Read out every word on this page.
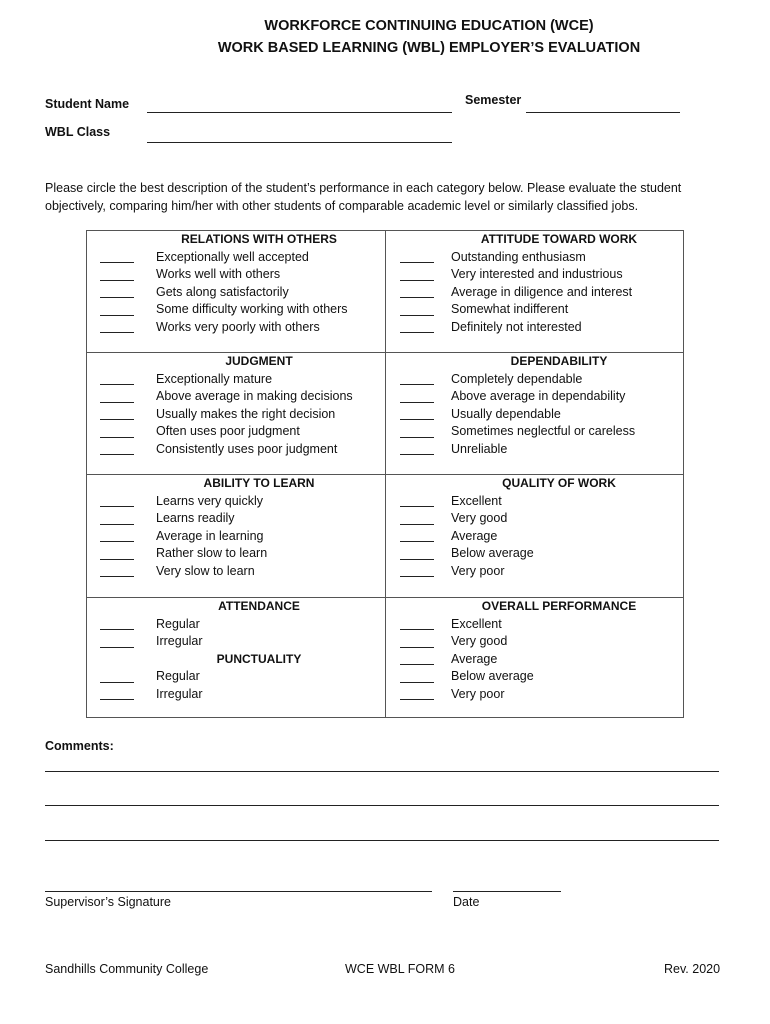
WORKFORCE CONTINUING EDUCATION (WCE)
WORK BASED LEARNING (WBL) EMPLOYER’S EVALUATION
Student Name	Semester
WBL Class
Please circle the best description of the student’s performance in each category below. Please evaluate the student objectively, comparing him/her with other students of comparable academic level or similarly classified jobs.
RELATIONS WITH OTHERS
Exceptionally well accepted
Works well with others
Gets along satisfactorily
Some difficulty working with others
Works very poorly with others
ATTITUDE TOWARD WORK
Outstanding enthusiasm
Very interested and industrious
Average in diligence and interest
Somewhat indifferent
Definitely not interested
JUDGMENT
Exceptionally mature
Above average in making decisions
Usually makes the right decision
Often uses poor judgment
Consistently uses poor judgment
DEPENDABILITY
Completely dependable
Above average in dependability
Usually dependable
Sometimes neglectful or careless
Unreliable
ABILITY TO LEARN
Learns very quickly
Learns readily
Average in learning
Rather slow to learn
Very slow to learn
QUALITY OF WORK
Excellent
Very good
Average
Below average
Very poor
ATTENDANCE
Regular
Irregular
PUNCTUALITY
Regular
Irregular
OVERALL PERFORMANCE
Excellent
Very good
Average
Below average
Very poor
Comments:
Supervisor’s Signature	Date
Sandhills Community College	WCE WBL FORM 6	Rev. 2020
